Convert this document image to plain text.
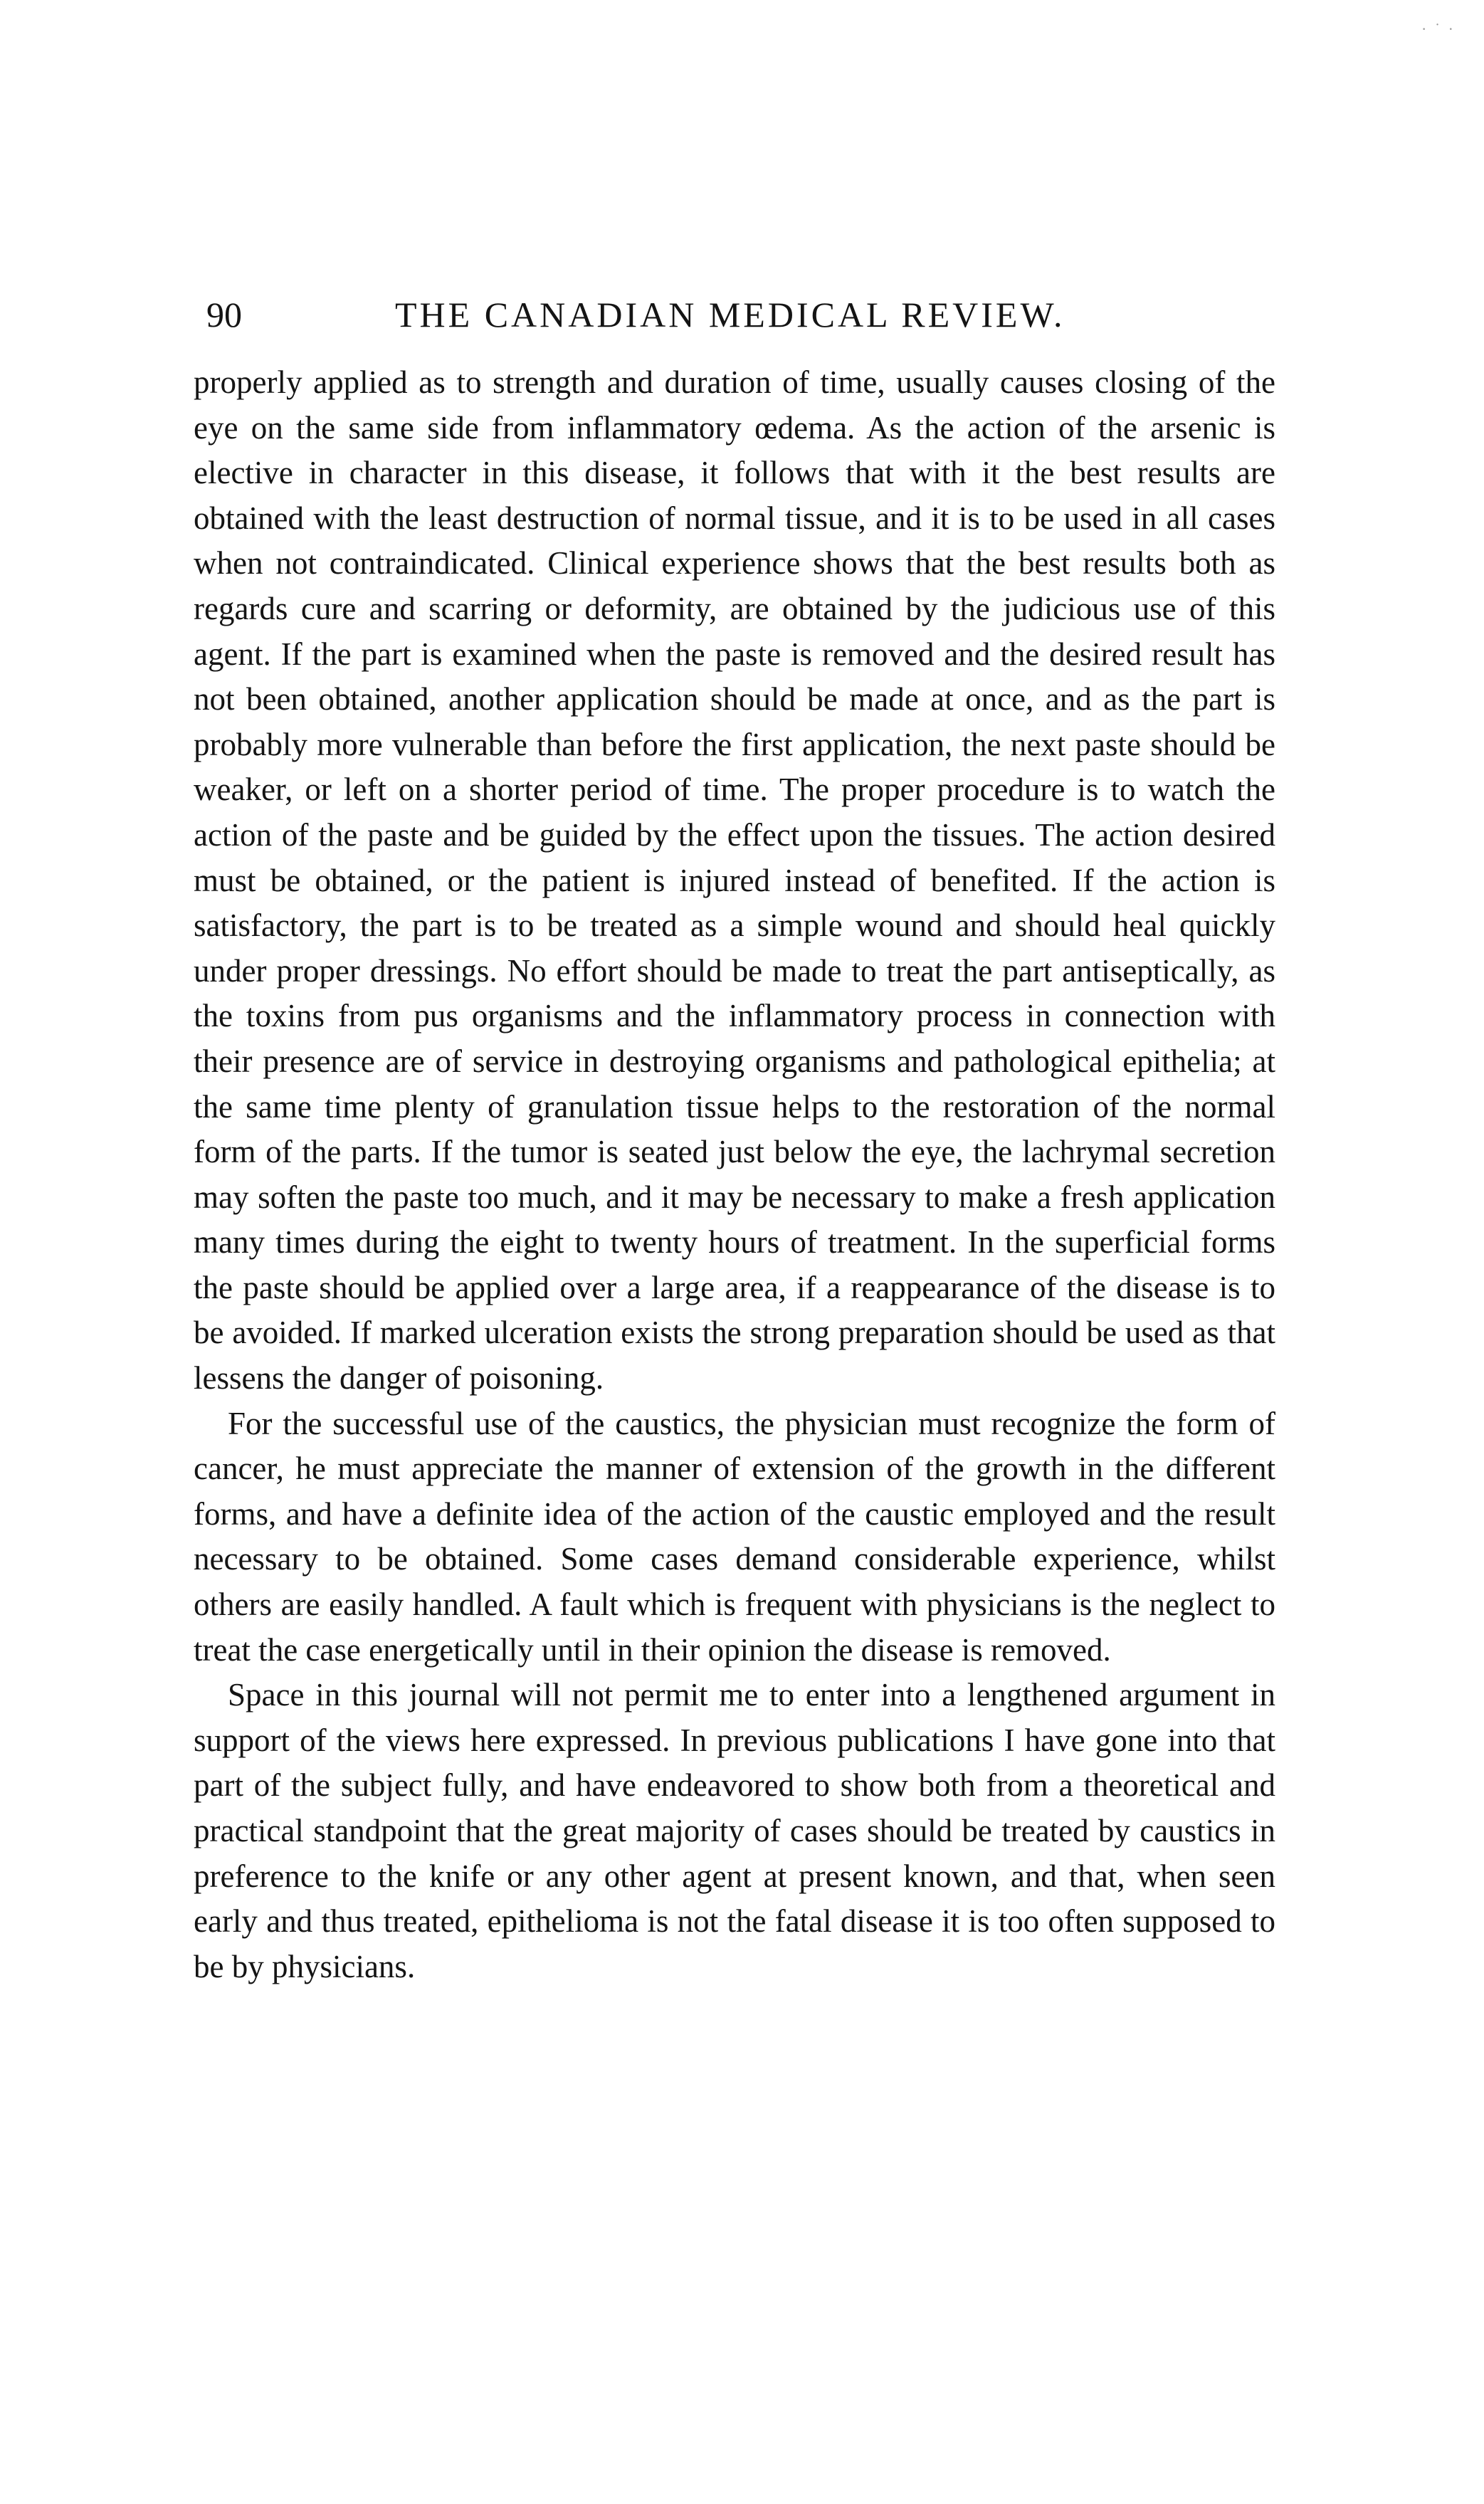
· ˙ ·
90	THE CANADIAN MEDICAL REVIEW.

properly applied as to strength and duration of time, usually causes closing of the eye on the same side from inflammatory œdema. As the action of the arsenic is elective in character in this disease, it follows that with it the best results are obtained with the least destruction of normal tissue, and it is to be used in all cases when not contraindicated. Clinical experience shows that the best results both as regards cure and scarring or deformity, are obtained by the judicious use of this agent. If the part is examined when the paste is removed and the desired result has not been obtained, another application should be made at once, and as the part is probably more vulnerable than before the first application, the next paste should be weaker, or left on a shorter period of time. The proper procedure is to watch the action of the paste and be guided by the effect upon the tissues. The action desired must be obtained, or the patient is injured instead of benefited. If the action is satisfactory, the part is to be treated as a simple wound and should heal quickly under proper dressings. No effort should be made to treat the part antiseptically, as the toxins from pus organisms and the inflammatory process in connection with their presence are of service in destroying organisms and pathological epithelia; at the same time plenty of granulation tissue helps to the restoration of the normal form of the parts. If the tumor is seated just below the eye, the lachrymal secretion may soften the paste too much, and it may be necessary to make a fresh application many times during the eight to twenty hours of treatment. In the superficial forms the paste should be applied over a large area, if a reappearance of the disease is to be avoided. If marked ulceration exists the strong preparation should be used as that lessens the danger of poisoning.

For the successful use of the caustics, the physician must recognize the form of cancer, he must appreciate the manner of extension of the growth in the different forms, and have a definite idea of the action of the caustic employed and the result necessary to be obtained. Some cases demand considerable experience, whilst others are easily handled. A fault which is frequent with physicians is the neglect to treat the case energetically until in their opinion the disease is removed.

Space in this journal will not permit me to enter into a lengthened argument in support of the views here expressed. In previous publications I have gone into that part of the subject fully, and have endeavored to show both from a theoretical and practical standpoint that the great majority of cases should be treated by caustics in preference to the knife or any other agent at present known, and that, when seen early and thus treated, epithelioma is not the fatal disease it is too often supposed to be by physicians.
